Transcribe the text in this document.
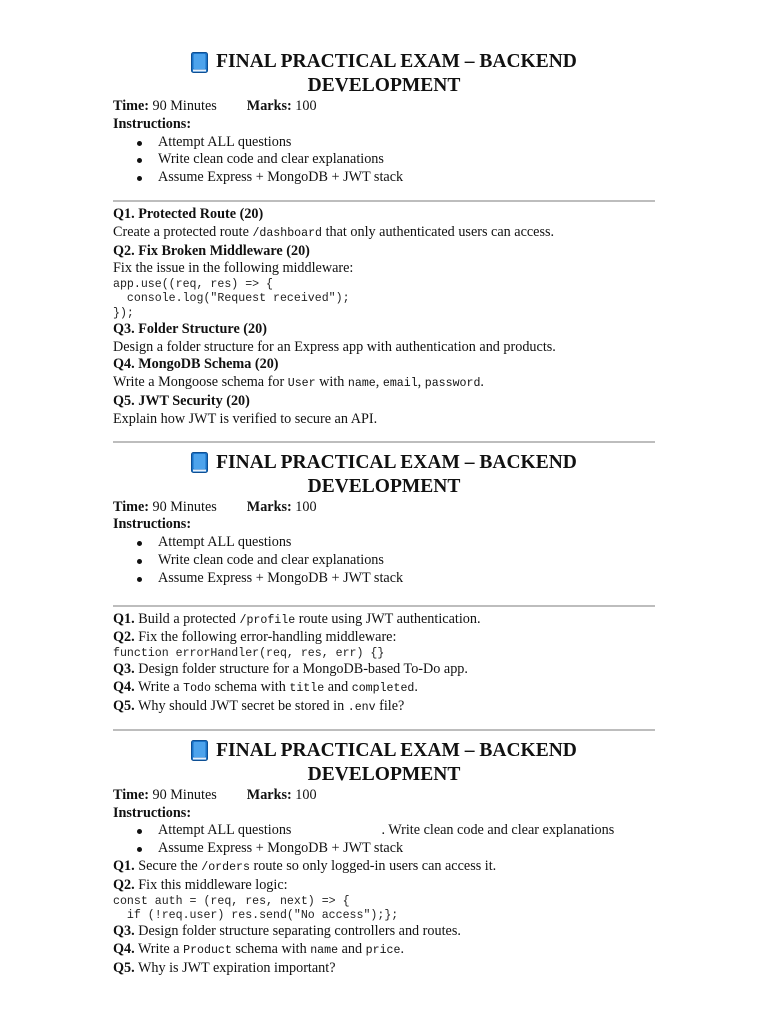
FINAL PRACTICAL EXAM – BACKEND
DEVELOPMENT
Time: 90 Minutes Marks: 100
Instructions:
Attempt ALL questions
Write clean code and clear explanations
Assume Express + MongoDB + JWT stack
Q1. Protected Route (20)
Create a protected route /dashboard that only authenticated users can access.
Q2. Fix Broken Middleware (20)
Fix the issue in the following middleware:
app.use((req, res) => {
console.log("Request received");
});
Q3. Folder Structure (20)
Design a folder structure for an Express app with authentication and products.
Q4. MongoDB Schema (20)
Write a Mongoose schema for User with name, email, password.
Q5. JWT Security (20)
Explain how JWT is verified to secure an API.
FINAL PRACTICAL EXAM – BACKEND
DEVELOPMENT
Time: 90 Minutes Marks: 100
Instructions:
Attempt ALL questions
Write clean code and clear explanations
Assume Express + MongoDB + JWT stack
Q1. Build a protected /profile route using JWT authentication.
Q2. Fix the following error-handling middleware:
function errorHandler(req, res, err) {}
Q3. Design folder structure for a MongoDB-based To-Do app.
Q4. Write a Todo schema with title and completed.
Q5. Why should JWT secret be stored in .env file?
FINAL PRACTICAL EXAM – BACKEND
DEVELOPMENT
Time: 90 Minutes Marks: 100
Instructions:
Attempt ALL questions	. Write clean code and clear explanations
Assume Express + MongoDB + JWT stack
Q1. Secure the /orders route so only logged-in users can access it.
Q2. Fix this middleware logic:
const auth = (req, res, next) => {
if (!req.user) res.send("No access");};
Q3. Design folder structure separating controllers and routes.
Q4. Write a Product schema with name and price.
Q5. Why is JWT expiration important?
